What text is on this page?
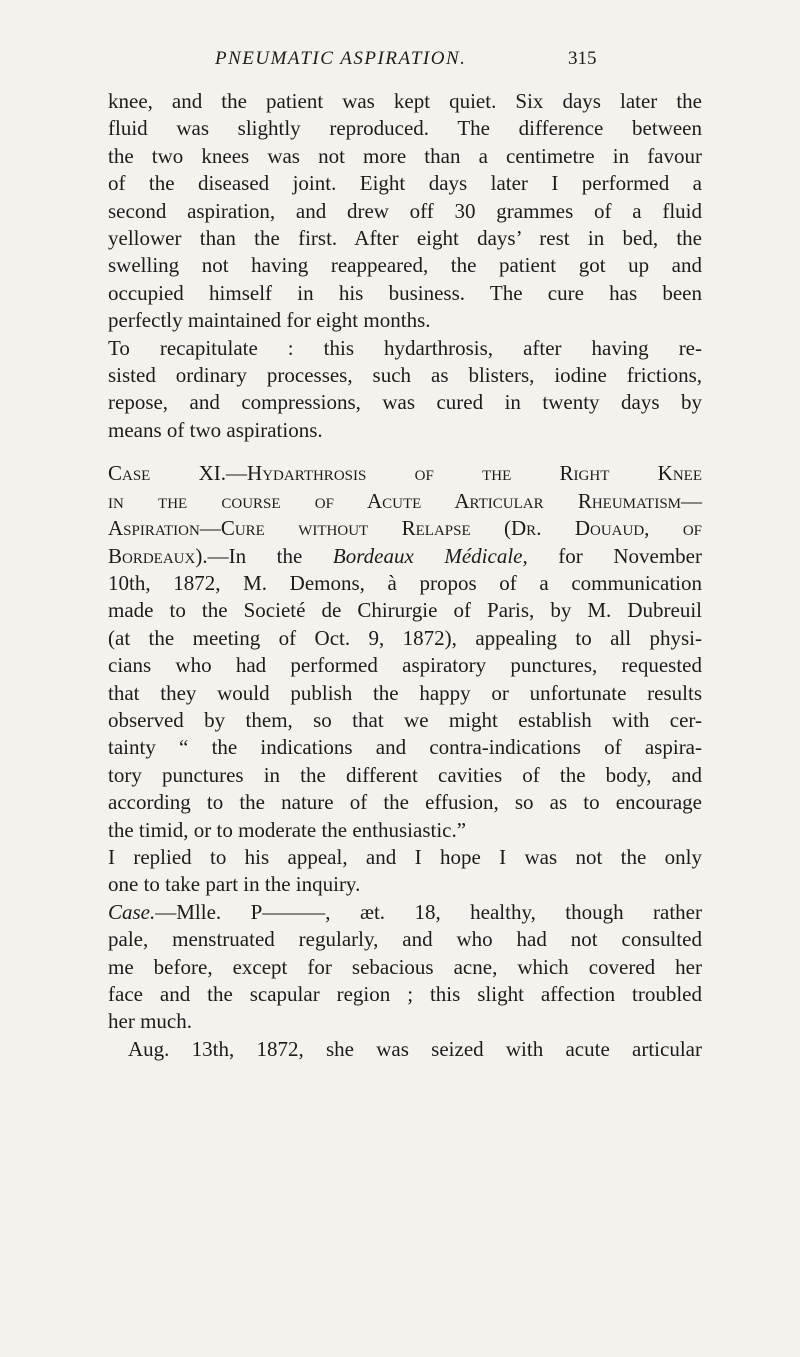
PNEUMATIC ASPIRATION.	315
knee, and the patient was kept quiet. Six days later the
fluid was slightly reproduced. The difference between
the two knees was not more than a centimetre in favour
of the diseased joint. Eight days later I performed a
second aspiration, and drew off 30 grammes of a fluid
yellower than the first. After eight days’ rest in bed, the
swelling not having reappeared, the patient got up and
occupied himself in his business. The cure has been
perfectly maintained for eight months.
To recapitulate : this hydarthrosis, after having re-
sisted ordinary processes, such as blisters, iodine frictions,
repose, and compressions, was cured in twenty days by
means of two aspirations.
Case XI.—Hydarthrosis of the Right Knee
in the course of Acute Articular Rheumatism—
Aspiration—Cure without Relapse (Dr. Douaud, of
Bordeaux).—In the Bordeaux Médicale, for November
10th, 1872, M. Demons, à propos of a communication
made to the Societé de Chirurgie of Paris, by M. Dubreuil
(at the meeting of Oct. 9, 1872), appealing to all physi-
cians who had performed aspiratory punctures, requested
that they would publish the happy or unfortunate results
observed by them, so that we might establish with cer-
tainty “ the indications and contra-indications of aspira-
tory punctures in the different cavities of the body, and
according to the nature of the effusion, so as to encourage
the timid, or to moderate the enthusiastic.”
I replied to his appeal, and I hope I was not the only
one to take part in the inquiry.
Case.—Mlle. P———, æt. 18, healthy, though rather
pale, menstruated regularly, and who had not consulted
me before, except for sebacious acne, which covered her
face and the scapular region ; this slight affection troubled
her much.
Aug. 13th, 1872, she was seized with acute articular
